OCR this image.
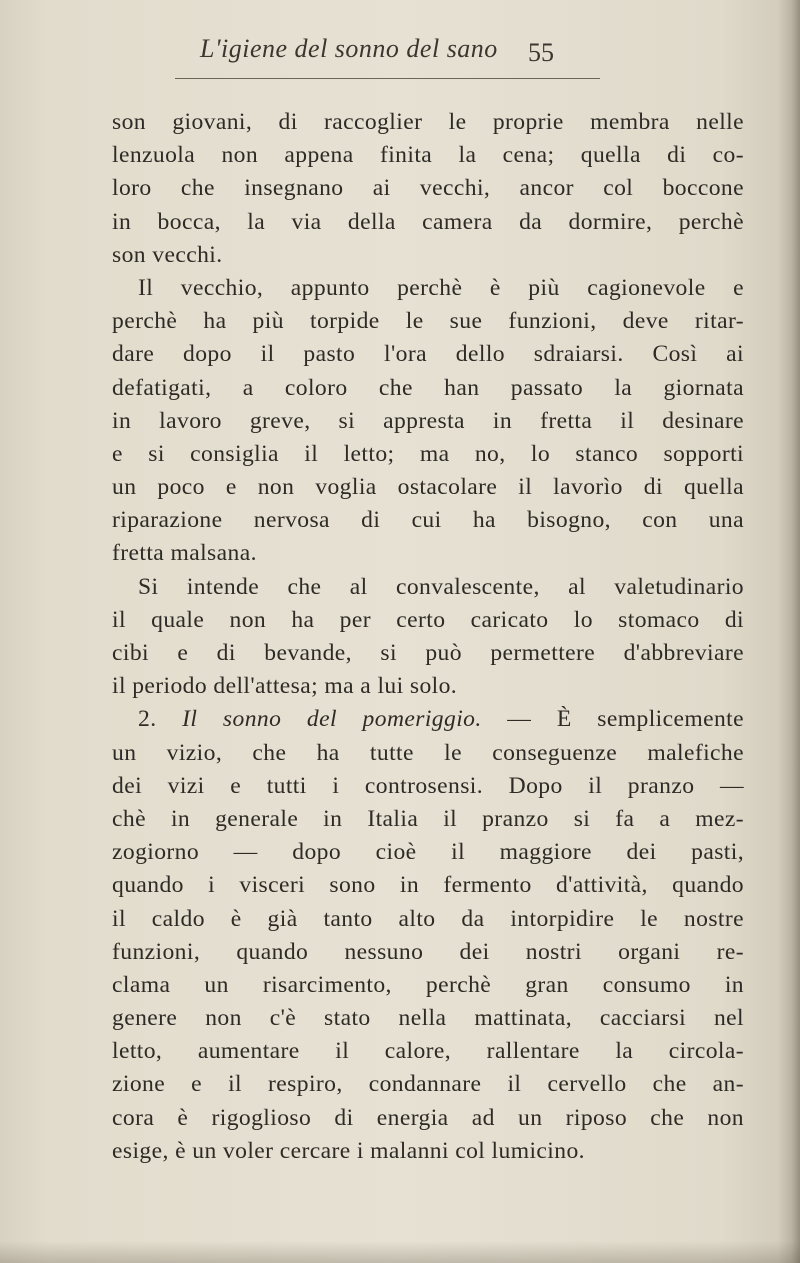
L'igiene del sonno del sano 55
son giovani, di raccoglier le proprie membra nelle
lenzuola non appena finita la cena; quella di co-
loro che insegnano ai vecchi, ancor col boccone
in bocca, la via della camera da dormire, perchè
son vecchi.
Il vecchio, appunto perchè è più cagionevole e
perchè ha più torpide le sue funzioni, deve ritar-
dare dopo il pasto l'ora dello sdraiarsi. Così ai
defatigati, a coloro che han passato la giornata
in lavoro greve, si appresta in fretta il desinare
e si consiglia il letto; ma no, lo stanco sopporti
un poco e non voglia ostacolare il lavorìo di quella
riparazione nervosa di cui ha bisogno, con una
fretta malsana.
Si intende che al convalescente, al valetudinario
il quale non ha per certo caricato lo stomaco di
cibi e di bevande, si può permettere d'abbreviare
il periodo dell'attesa; ma a lui solo.
2. Il sonno del pomeriggio. — È semplicemente
un vizio, che ha tutte le conseguenze malefiche
dei vizi e tutti i controsensi. Dopo il pranzo —
chè in generale in Italia il pranzo si fa a mez-
zogiorno — dopo cioè il maggiore dei pasti,
quando i visceri sono in fermento d'attività, quando
il caldo è già tanto alto da intorpidire le nostre
funzioni, quando nessuno dei nostri organi re-
clama un risarcimento, perchè gran consumo in
genere non c'è stato nella mattinata, cacciarsi nel
letto, aumentare il calore, rallentare la circola-
zione e il respiro, condannare il cervello che an-
cora è rigoglioso di energia ad un riposo che non
esige, è un voler cercare i malanni col lumicino.
